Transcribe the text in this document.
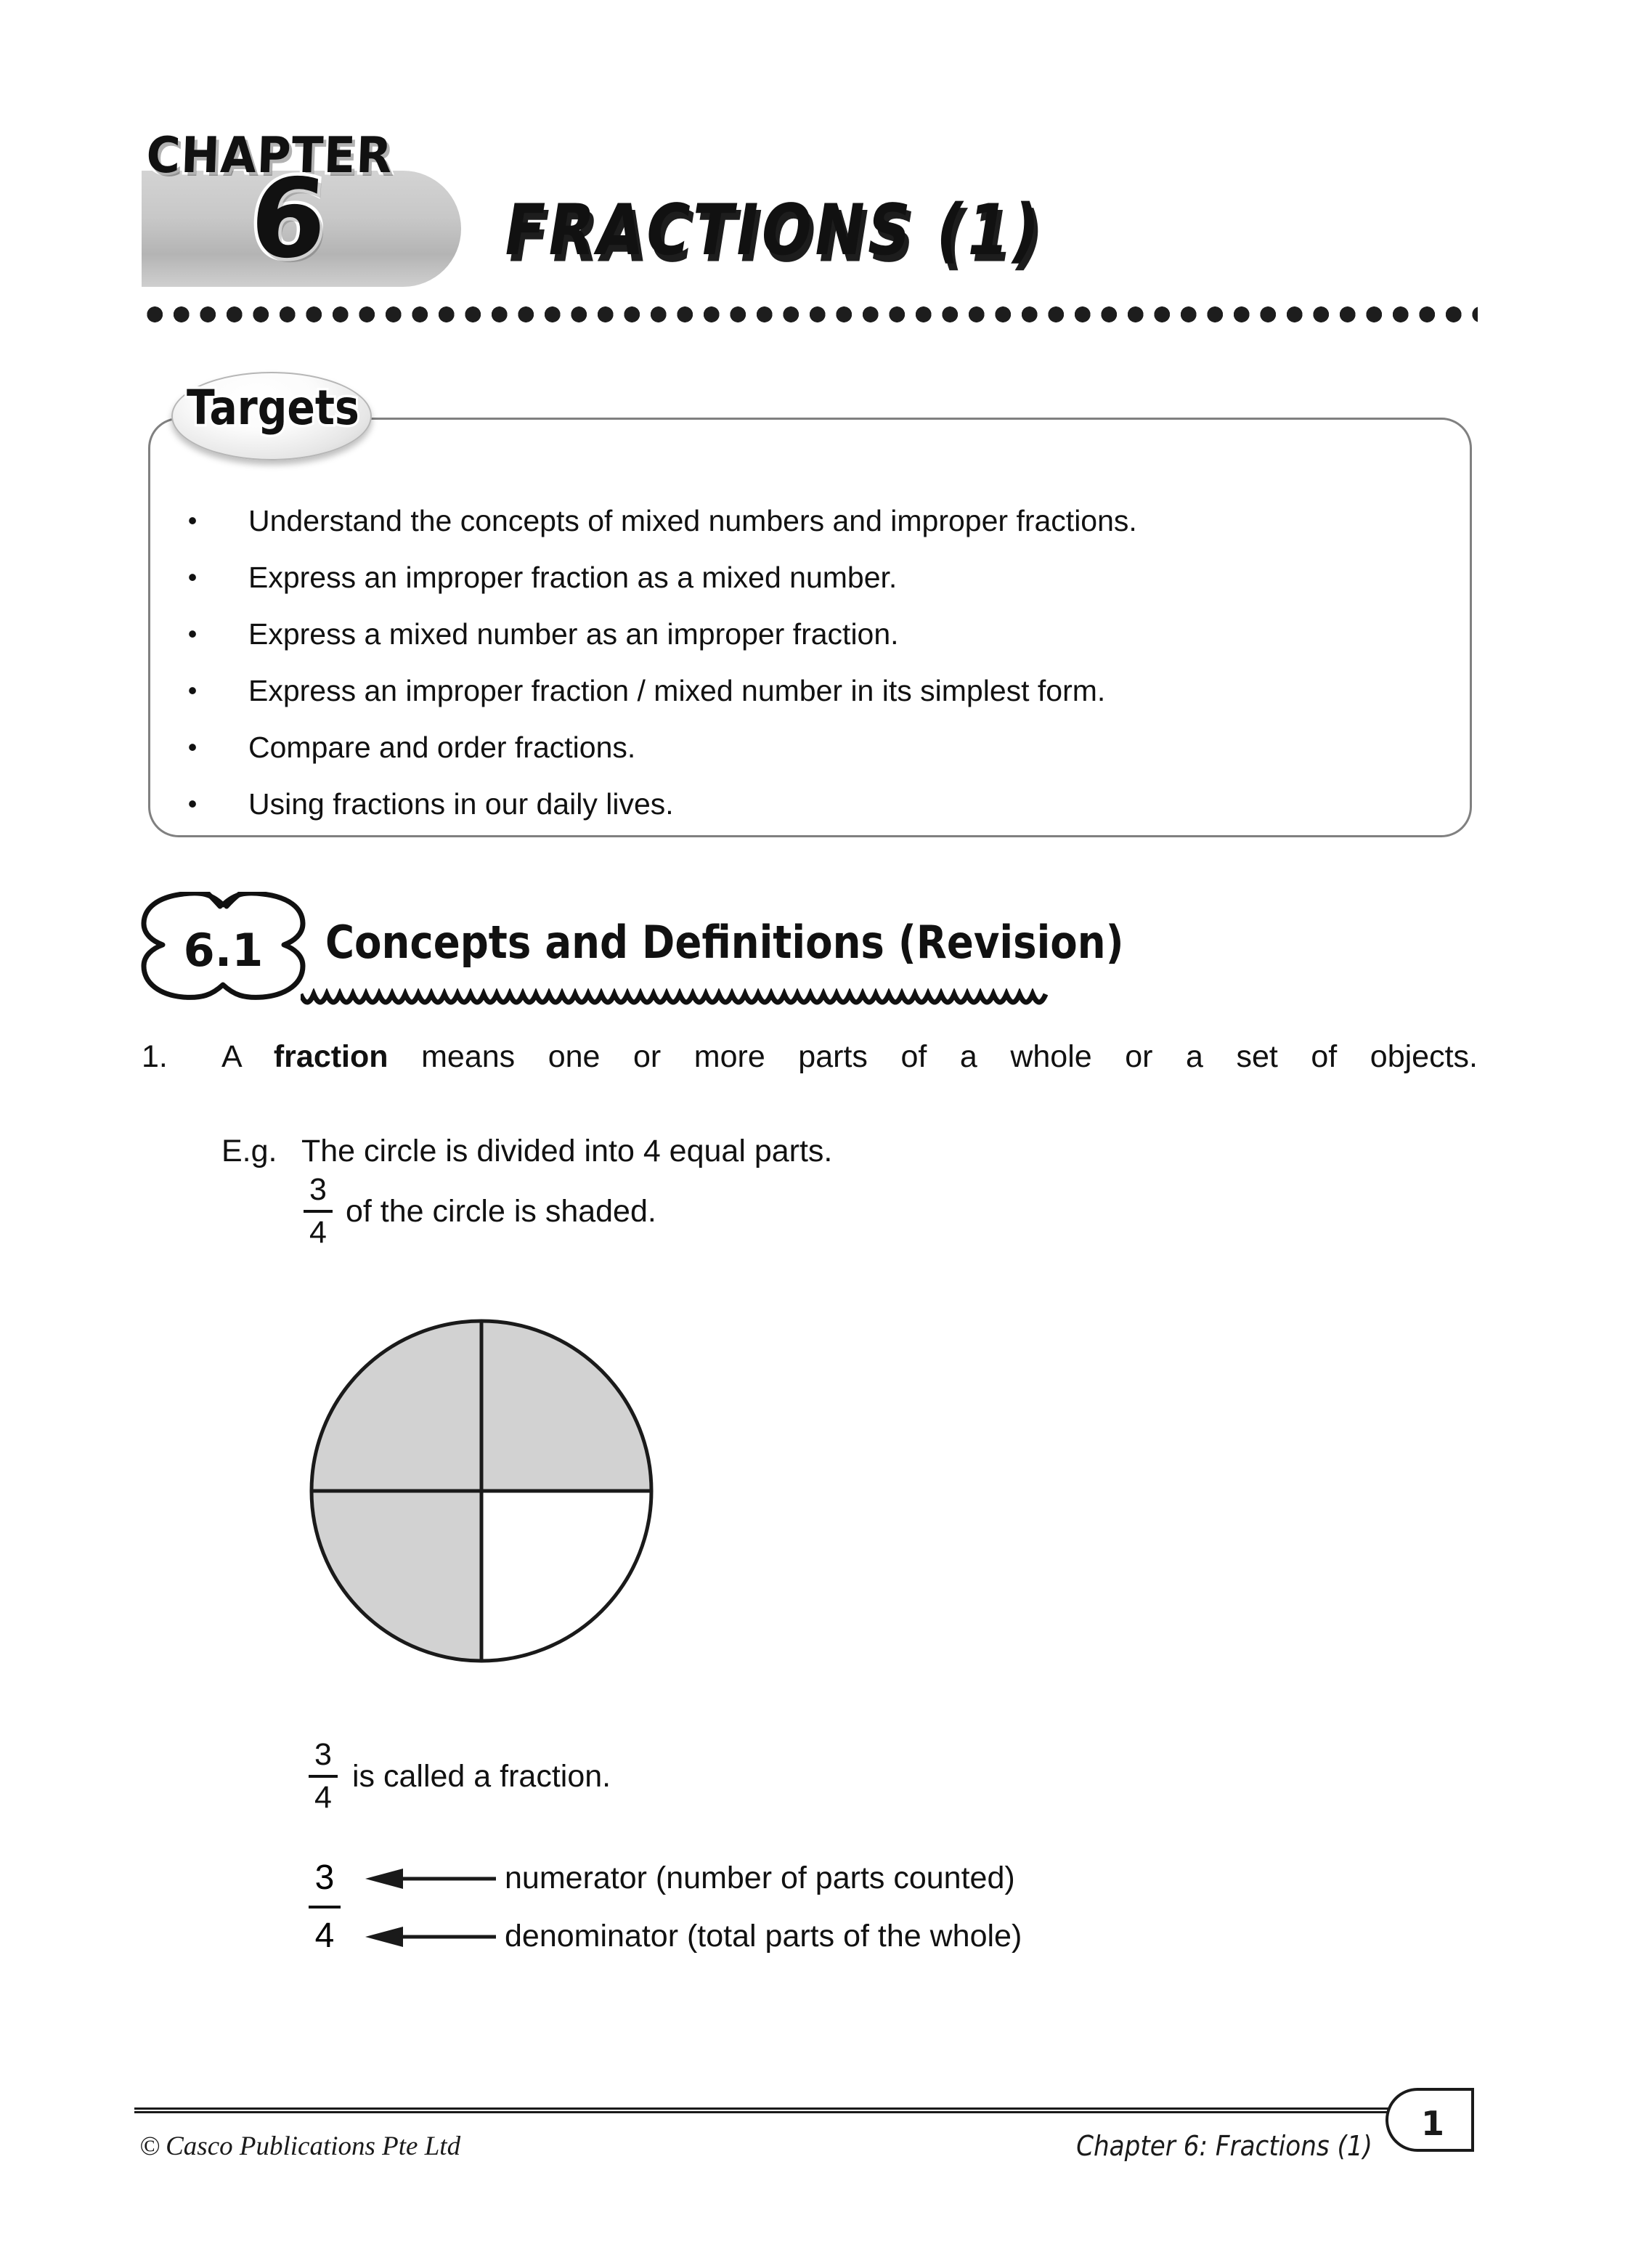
CHAPTER
6	FRACTIONS (1)
• Understand the concepts of mixed numbers and improper fractions.
• Express an improper fraction as a mixed number.
• Express a mixed number as an improper fraction.
• Express an improper fraction / mixed number in its simplest form.
• Compare and order fractions.
• Using fractions in our daily lives.
Targets
6.1	Concepts and Definitions (Revision)
1. A fraction means one or more parts of a whole or a set of objects.
E.g. The circle is divided into 4 equal parts.
$\frac{3}{4}$ of the circle is shaded.
$\frac{3}{4}$ is called a fraction.
3
4
numerator (number of parts counted)
denominator (total parts of the whole)
1
© Casco Publications Pte Ltd	Chapter 6: Fractions (1)
